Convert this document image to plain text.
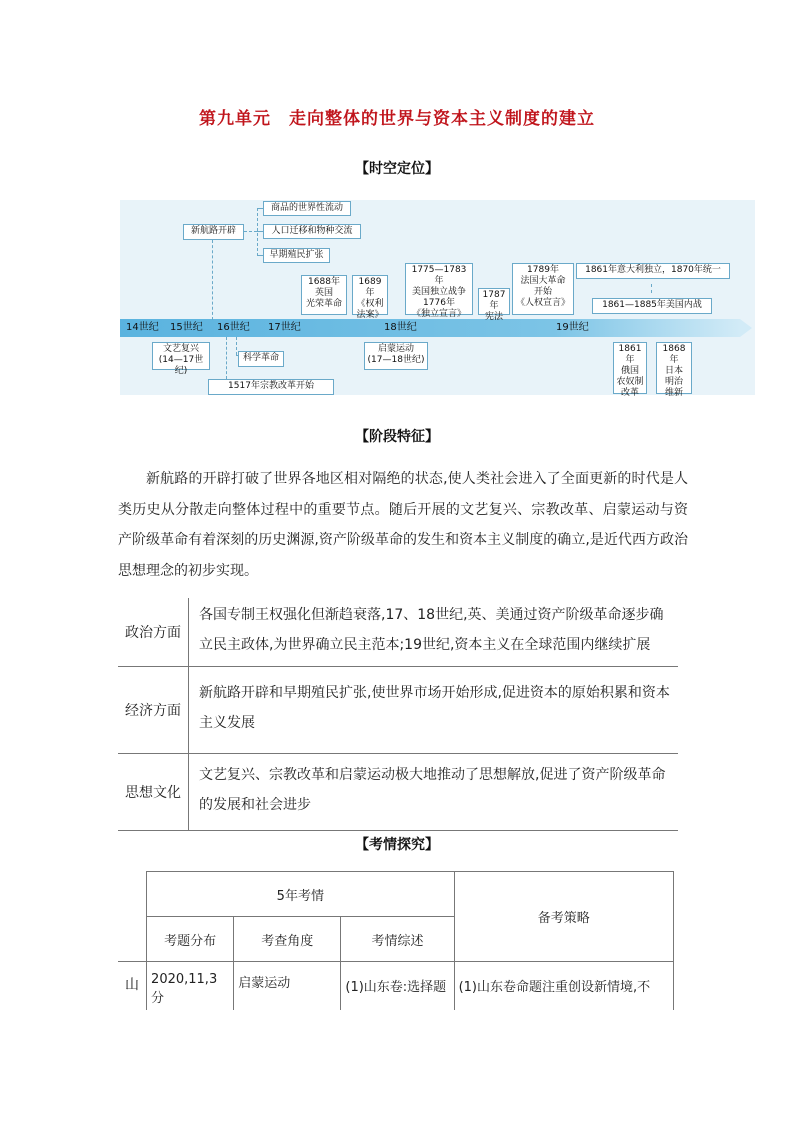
第九单元　走向整体的世界与资本主义制度的建立
【时空定位】
14世纪 15世纪 16世纪 17世纪	18世纪	19世纪
新航路开辟
商品的世界性流动
人口迁移和物种交流
早期殖民扩张
1688年
英国
光荣革命
1689年
《权利
法案》
1775—1783年
美国独立战争
1776年
《独立宣言》
1787年
宪法
1789年
法国大革命
开始
《人权宣言》
1861年意大利独立，1870年统一
1861—1885年美国内战
文艺复兴
(14—17世纪)
科学革命
1517年宗教改革开始
启蒙运动
(17—18世纪)
1861年
俄国
农奴制
改革
1868年
日本
明治
维新
【阶段特征】
新航路的开辟打破了世界各地区相对隔绝的状态,使人类社会进入了全面更新的时代是人类历史从分散走向整体过程中的重要节点。随后开展的文艺复兴、宗教改革、启蒙运动与资产阶级革命有着深刻的历史渊源,资产阶级革命的发生和资本主义制度的确立,是近代西方政治思想理念的初步实现。
政治方面	各国专制王权强化但渐趋衰落,17、18世纪,英、美通过资产阶级革命逐步确立民主政体,为世界确立民主范本;19世纪,资本主义在全球范围内继续扩展
经济方面	新航路开辟和早期殖民扩张,使世界市场开始形成,促进资本的原始积累和资本主义发展
思想文化	文艺复兴、宗教改革和启蒙运动极大地推动了思想解放,促进了资产阶级革命的发展和社会进步
【考情探究】
	5年考情			备考策略
	考题分布	考查角度	考情综述	
山	2020,11,3分	启蒙运动	(1)山东卷:选择题	(1)山东卷命题注重创设新情境,不
